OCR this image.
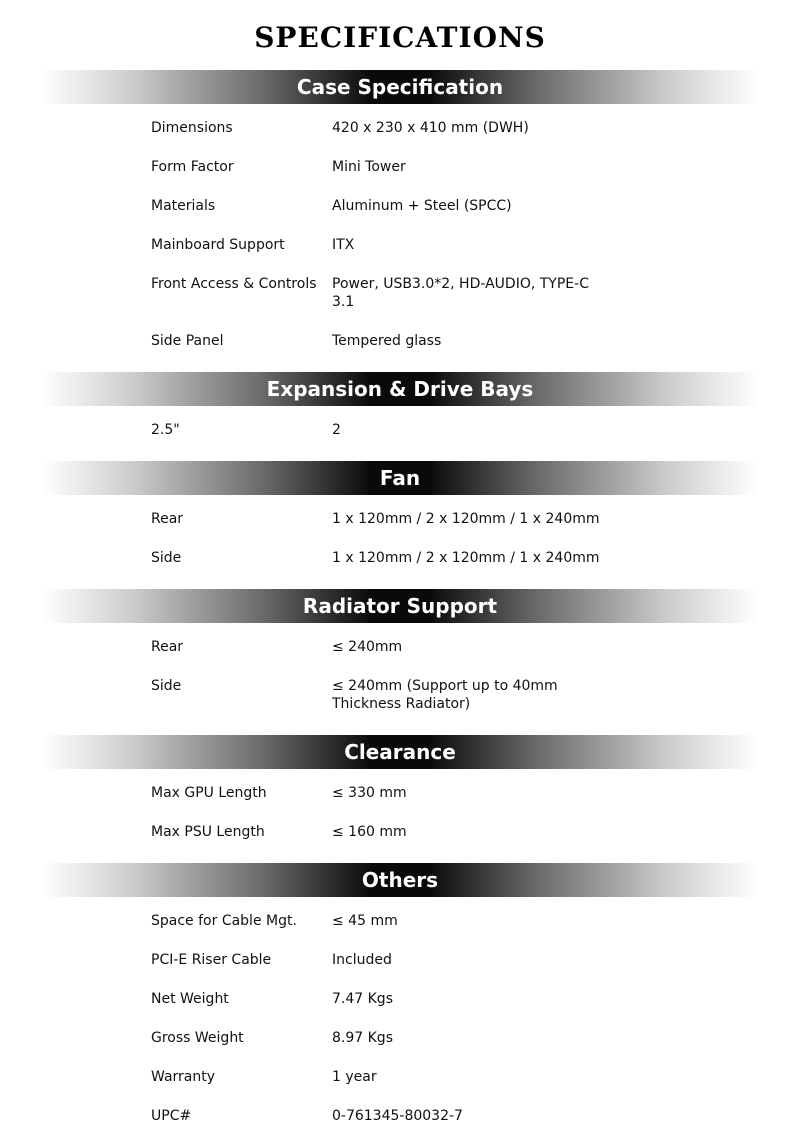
SPECIFICATIONS
Case Specification
Dimensions	420 x 230 x 410 mm (DWH)
Form Factor	Mini Tower
Materials	Aluminum + Steel (SPCC)
Mainboard Support	ITX
Front Access & Controls	Power, USB3.0*2, HD-AUDIO, TYPE-C 3.1
Side Panel	Tempered glass
Expansion & Drive Bays
2.5"	2
Fan
Rear	1 x 120mm / 2 x 120mm / 1 x 240mm
Side	1 x 120mm / 2 x 120mm / 1 x 240mm
Radiator Support
Rear	≤ 240mm
Side	≤ 240mm (Support up to 40mm Thickness Radiator)
Clearance
Max GPU Length	≤ 330 mm
Max PSU Length	≤ 160 mm
Others
Space for Cable Mgt.	≤ 45 mm
PCI-E Riser Cable	Included
Net Weight	7.47 Kgs
Gross Weight	8.97 Kgs
Warranty	1 year
UPC#	0-761345-80032-7
